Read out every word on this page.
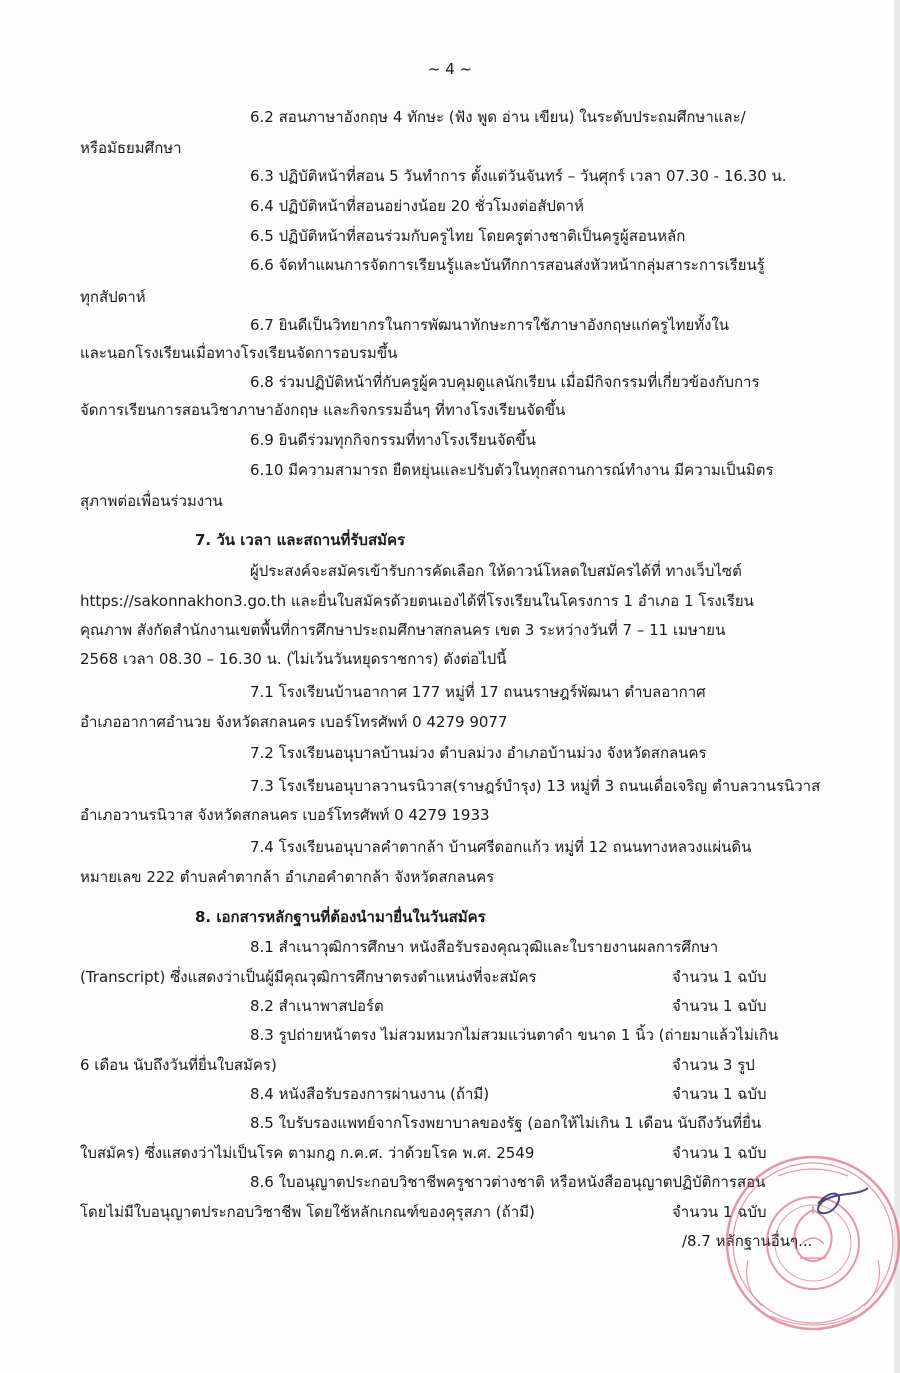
~ 4 ~
6.2 สอนภาษาอังกฤษ 4 ทักษะ (ฟัง พูด อ่าน เขียน) ในระดับประถมศึกษาและ/
หรือมัธยมศึกษา
6.3 ปฏิบัติหน้าที่สอน 5 วันทำการ ตั้งแต่วันจันทร์ – วันศุกร์ เวลา 07.30 - 16.30 น.
6.4 ปฏิบัติหน้าที่สอนอย่างน้อย 20 ชั่วโมงต่อสัปดาห์
6.5 ปฏิบัติหน้าที่สอนร่วมกับครูไทย โดยครูต่างชาติเป็นครูผู้สอนหลัก
6.6 จัดทำแผนการจัดการเรียนรู้และบันทึกการสอนส่งหัวหน้ากลุ่มสาระการเรียนรู้
ทุกสัปดาห์
6.7 ยินดีเป็นวิทยากรในการพัฒนาทักษะการใช้ภาษาอังกฤษแก่ครูไทยทั้งใน
และนอกโรงเรียนเมื่อทางโรงเรียนจัดการอบรมขึ้น
6.8 ร่วมปฏิบัติหน้าที่กับครูผู้ควบคุมดูแลนักเรียน เมื่อมีกิจกรรมที่เกี่ยวข้องกับการ
จัดการเรียนการสอนวิชาภาษาอังกฤษ และกิจกรรมอื่นๆ ที่ทางโรงเรียนจัดขึ้น
6.9 ยินดีร่วมทุกกิจกรรมที่ทางโรงเรียนจัดขึ้น
6.10 มีความสามารถ ยืดหยุ่นและปรับตัวในทุกสถานการณ์ทำงาน มีความเป็นมิตร
สุภาพต่อเพื่อนร่วมงาน
7. วัน เวลา และสถานที่รับสมัคร
ผู้ประสงค์จะสมัครเข้ารับการคัดเลือก ให้ดาวน์โหลดใบสมัครได้ที่ ทางเว็บไซต์
https://sakonnakhon3.go.th และยื่นใบสมัครด้วยตนเองได้ที่โรงเรียนในโครงการ 1 อำเภอ 1 โรงเรียน
คุณภาพ สังกัดสำนักงานเขตพื้นที่การศึกษาประถมศึกษาสกลนคร เขต 3 ระหว่างวันที่ 7 – 11 เมษายน
2568 เวลา 08.30 – 16.30 น. (ไม่เว้นวันหยุดราชการ) ดังต่อไปนี้
7.1 โรงเรียนบ้านอากาศ 177 หมู่ที่ 17 ถนนราษฎร์พัฒนา ตำบลอากาศ
อำเภออากาศอำนวย จังหวัดสกลนคร เบอร์โทรศัพท์ 0 4279 9077
7.2 โรงเรียนอนุบาลบ้านม่วง ตำบลม่วง อำเภอบ้านม่วง จังหวัดสกลนคร
7.3 โรงเรียนอนุบาลวานรนิวาส(ราษฎร์บำรุง) 13 หมู่ที่ 3 ถนนเดื่อเจริญ ตำบลวานรนิวาส
อำเภอวานรนิวาส จังหวัดสกลนคร เบอร์โทรศัพท์ 0 4279 1933
7.4 โรงเรียนอนุบาลคำตากล้า บ้านศรีดอกแก้ว หมู่ที่ 12 ถนนทางหลวงแผ่นดิน
หมายเลข 222 ตำบลคำตากล้า อำเภอคำตากล้า จังหวัดสกลนคร
8. เอกสารหลักฐานที่ต้องนำมายื่นในวันสมัคร
8.1 สำเนาวุฒิการศึกษา หนังสือรับรองคุณวุฒิและใบรายงานผลการศึกษา
(Transcript) ซึ่งแสดงว่าเป็นผู้มีคุณวุฒิการศึกษาตรงตำแหน่งที่จะสมัคร	จำนวน 1 ฉบับ
8.2 สำเนาพาสปอร์ต	จำนวน 1 ฉบับ
8.3 รูปถ่ายหน้าตรง ไม่สวมหมวกไม่สวมแว่นตาดำ ขนาด 1 นิ้ว (ถ่ายมาแล้วไม่เกิน
6 เดือน นับถึงวันที่ยื่นใบสมัคร)	จำนวน 3 รูป
8.4 หนังสือรับรองการผ่านงาน (ถ้ามี)	จำนวน 1 ฉบับ
8.5 ใบรับรองแพทย์จากโรงพยาบาลของรัฐ (ออกให้ไม่เกิน 1 เดือน นับถึงวันที่ยื่น
ใบสมัคร) ซึ่งแสดงว่าไม่เป็นโรค ตามกฎ ก.ค.ศ. ว่าด้วยโรค พ.ศ. 2549	จำนวน 1 ฉบับ
8.6 ใบอนุญาตประกอบวิชาชีพครูชาวต่างชาติ หรือหนังสืออนุญาตปฏิบัติการสอน
โดยไม่มีใบอนุญาตประกอบวิชาชีพ โดยใช้หลักเกณฑ์ของคุรุสภา (ถ้ามี)	จำนวน 1 ฉบับ
/8.7 หลักฐานอื่นๆ...
